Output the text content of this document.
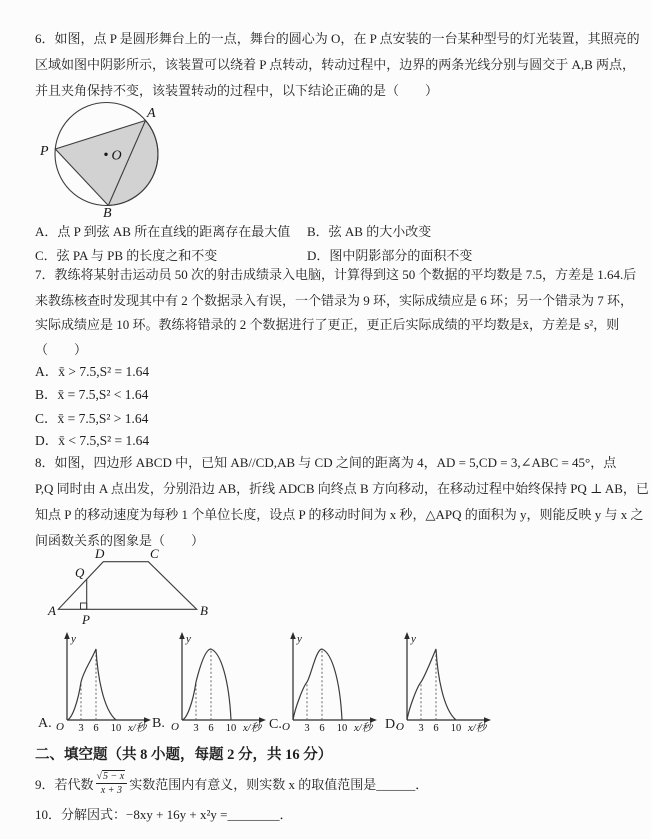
6．如图，点 P 是圆形舞台上的一点，舞台的圆心为 O，在 P 点安装的一台某种型号的灯光装置，其照亮的
区域如图中阴影所示，该装置可以绕着 P 点转动，转动过程中，边界的两条光线分别与圆交于 A,B 两点，
并且夹角保持不变，该装置转动的过程中，以下结论正确的是（　　）
P
A
B
O
A．点 P 到弦 AB 所在直线的距离存在最大值 B．弦 AB 的大小改变
C．弦 PA 与 PB 的长度之和不变	D．图中阴影部分的面积不变
7．教练将某射击运动员 50 次的射击成绩录入电脑，计算得到这 50 个数据的平均数是 7.5，方差是 1.64.后
来教练核查时发现其中有 2 个数据录入有误，一个错录为 9 环，实际成绩应是 6 环；另一个错录为 7 环，
实际成绩应是 10 环。教练将错录的 2 个数据进行了更正，更正后实际成绩的平均数是x̄，方差是 s²，则
（　　）
A．x̄ > 7.5,S² = 1.64
B．x̄ = 7.5,S² < 1.64
C．x̄ = 7.5,S² > 1.64
D．x̄ < 7.5,S² = 1.64
8．如图，四边形 ABCD 中，已知 AB//CD,AB 与 CD 之间的距离为 4，AD = 5,CD = 3,∠ABC = 45°，点
P,Q 同时由 A 点出发，分别沿边 AB，折线 ADCB 向终点 B 方向移动，在移动过程中始终保持 PQ ⊥ AB，已
知点 P 的移动速度为每秒 1 个单位长度，设点 P 的移动时间为 x 秒，△APQ 的面积为 y，则能反映 y 与 x 之
间函数关系的图象是（　　）
A	B
C
D
Q
P
y
O 3 6 10 x/秒
y
O 3 6 10 x/秒
y
O 3 6 10 x/秒
y
O 3 6 10 x/秒
A.	B.	C.	D.
二、填空题（共 8 小题，每题 2 分，共 16 分）
9．若代数 $\frac{√ 5 - x}{x + 3}$ 实数范围内有意义，则实数 x 的取值范围是______．
10．分解因式：−8xy + 16y + x²y =________．
